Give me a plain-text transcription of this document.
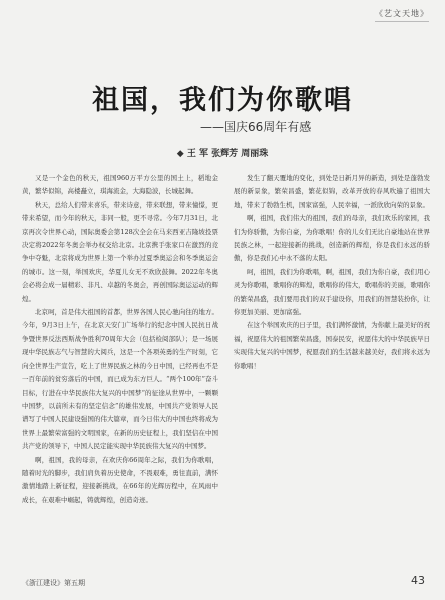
《艺文天地》
祖国，我们为你歌唱
——国庆66周年有感
◆ 王 军 张辉芳 周丽珠

又是一个金色的秋天，祖国960万平方公里的国土上，稻地金黄，繁华似锦，高楼矗立，琪海流金，大海隐波，长城起舞。

秋天，总给人们带来喜乐，带来诗意，带来联想，带来憧憬，更带来希望，而今年的秋天，非同一般，更不寻常。今年7月31日，北京再次令世界心动，国际奥委会第128次全会在马来西亚吉隆坡投票决定将2022年冬奥会举办权交给北京。北京携手张家口在激烈的竞争中夺魁，北京将成为世界上第一个举办过夏季奥运会和冬季奥运会的城市。这一刻，举国欢庆，华夏儿女无不欢欣鼓舞。2022年冬奥会必将会成一届精彩、非凡、卓越的冬奥会，再创国际奥运运动的辉煌。

北京呵，首是伟大祖国的首都，世界各国人民心驰向往的地方。今年，9月3日上午，在北京天安门广场举行的纪念中国人民抗日战争暨世界反法西斯战争胜利70周年大会（包括检阅部队）；是一场展现中华民族志气与智慧的大阅兵，这是一个各项英勇的生产时刻，它向全世界生产宣告，吃上了世界民族之林的今日中国，已经再也不是一百年前的贫穷落后的中国，而已成为东方巨人。“两个100年”奋斗目标，行进在中华民族伟大复兴的中国梦“的征途从世界中，一颗颗中国梦，以前所未有的坚定信念”的雄伟发展，中国共产党领导人民谱写了中国人民建设强国的伟大篇章，而今日伟大的中国也终将成为世界上最繁荣富强的文明国家，在新的历史征程上，我们坚信在中国共产党的领导下，中国人民定能实现中华民族伟大复兴的中国梦。

啊，祖国，我的母亲，在欢庆你66周年之际，我们为你歌唱，随着时光的脚步，我们肩负着历史使命，不畏艰难，勇往直前，满怀激情地踏上新征程，迎接新挑战，在66年的光辉历程中，在风雨中成长，在艰难中崛起，铸就辉煌，创造奇迹。

发生了翻天覆地的变化，到处是日新月异的新造，到处是蓬勃发展的新景象，繁荣昌盛，繁花似锦，改革开放的春风吹遍了祖国大地，带来了勃勃生机，国家富强，人民幸福，一派欣欣向荣的景象。

啊，祖国，我们伟大的祖国，我们的母亲，我们欢乐的家园，我们为你骄傲，为你自豪，为你歌唱！你的儿女们无比自豪地站在世界民族之林，一起迎接新的挑战，创造新的辉煌，你是我们永远的骄傲，你是我们心中永不落的太阳。

呵，祖国，我们为你歌唱，啊，祖国，我们为你自豪，我们用心灵为你歌唱，歌唱你的辉煌，歌唱你的伟大，歌唱你的美丽，歌唱你的繁荣昌盛，我们要用我们的双手建设你，用我们的智慧装扮你，让你更加美丽、更加富强。

在这个举国欢庆的日子里，我们满怀激情，为你献上最美好的祝福，祝愿伟大的祖国繁荣昌盛，国泰民安，祝愿伟大的中华民族早日实现伟大复兴的中国梦，祝愿我们的生活越来越美好，我们将永远为你歌唱！

《浙江建设》第五期	43
